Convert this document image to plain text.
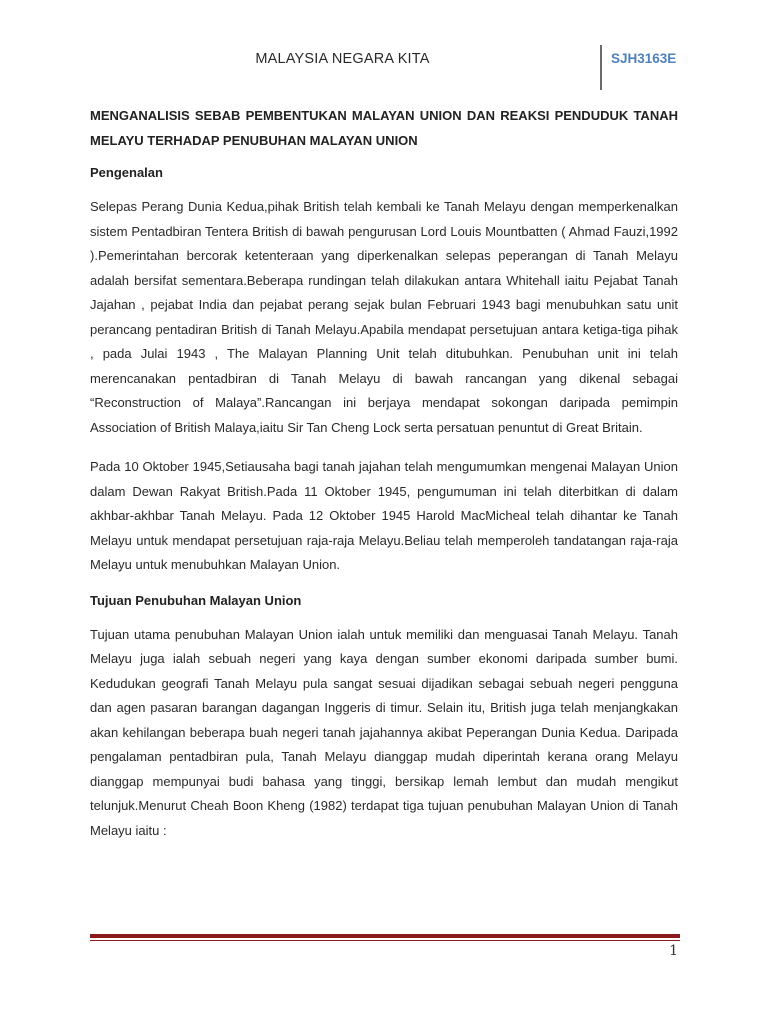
MALAYSIA NEGARA KITA	SJH3163E
MENGANALISIS SEBAB PEMBENTUKAN MALAYAN UNION DAN REAKSI PENDUDUK TANAH MELAYU TERHADAP PENUBUHAN MALAYAN UNION
Pengenalan

Selepas Perang Dunia Kedua,pihak British telah kembali ke Tanah Melayu dengan memperkenalkan sistem Pentadbiran Tentera British di bawah pengurusan Lord Louis Mountbatten ( Ahmad Fauzi,1992 ).Pemerintahan bercorak ketenteraan yang diperkenalkan selepas peperangan di Tanah Melayu adalah bersifat sementara.Beberapa rundingan telah dilakukan antara Whitehall iaitu Pejabat Tanah Jajahan , pejabat India dan pejabat perang sejak bulan Februari 1943 bagi menubuhkan satu unit perancang pentadiran British di Tanah Melayu.Apabila mendapat persetujuan antara ketiga-tiga pihak , pada Julai 1943 , The Malayan Planning Unit telah ditubuhkan. Penubuhan unit ini telah merencanakan pentadbiran di Tanah Melayu di bawah rancangan yang dikenal sebagai “Reconstruction of Malaya”.Rancangan ini berjaya mendapat sokongan daripada pemimpin Association of British Malaya,iaitu Sir Tan Cheng Lock serta persatuan penuntut di Great Britain.

Pada 10 Oktober 1945,Setiausaha bagi tanah jajahan telah mengumumkan mengenai Malayan Union dalam Dewan Rakyat British.Pada 11 Oktober 1945, pengumuman ini telah diterbitkan di dalam akhbar-akhbar Tanah Melayu. Pada 12 Oktober 1945 Harold MacMicheal telah dihantar ke Tanah Melayu untuk mendapat persetujuan raja-raja Melayu.Beliau telah memperoleh tandatangan raja-raja Melayu untuk menubuhkan Malayan Union.

Tujuan Penubuhan Malayan Union

Tujuan utama penubuhan Malayan Union ialah untuk memiliki dan menguasai Tanah Melayu. Tanah Melayu juga ialah sebuah negeri yang kaya dengan sumber ekonomi daripada sumber bumi. Kedudukan geografi Tanah Melayu pula sangat sesuai dijadikan sebagai sebuah negeri pengguna dan agen pasaran barangan dagangan Inggeris di timur. Selain itu, British juga telah menjangkakan akan kehilangan beberapa buah negeri tanah jajahannya akibat Peperangan Dunia Kedua. Daripada pengalaman pentadbiran pula, Tanah Melayu dianggap mudah diperintah kerana orang Melayu dianggap mempunyai budi bahasa yang tinggi, bersikap lemah lembut dan mudah mengikut telunjuk.Menurut Cheah Boon Kheng (1982) terdapat tiga tujuan penubuhan Malayan Union di Tanah Melayu iaitu :

1
